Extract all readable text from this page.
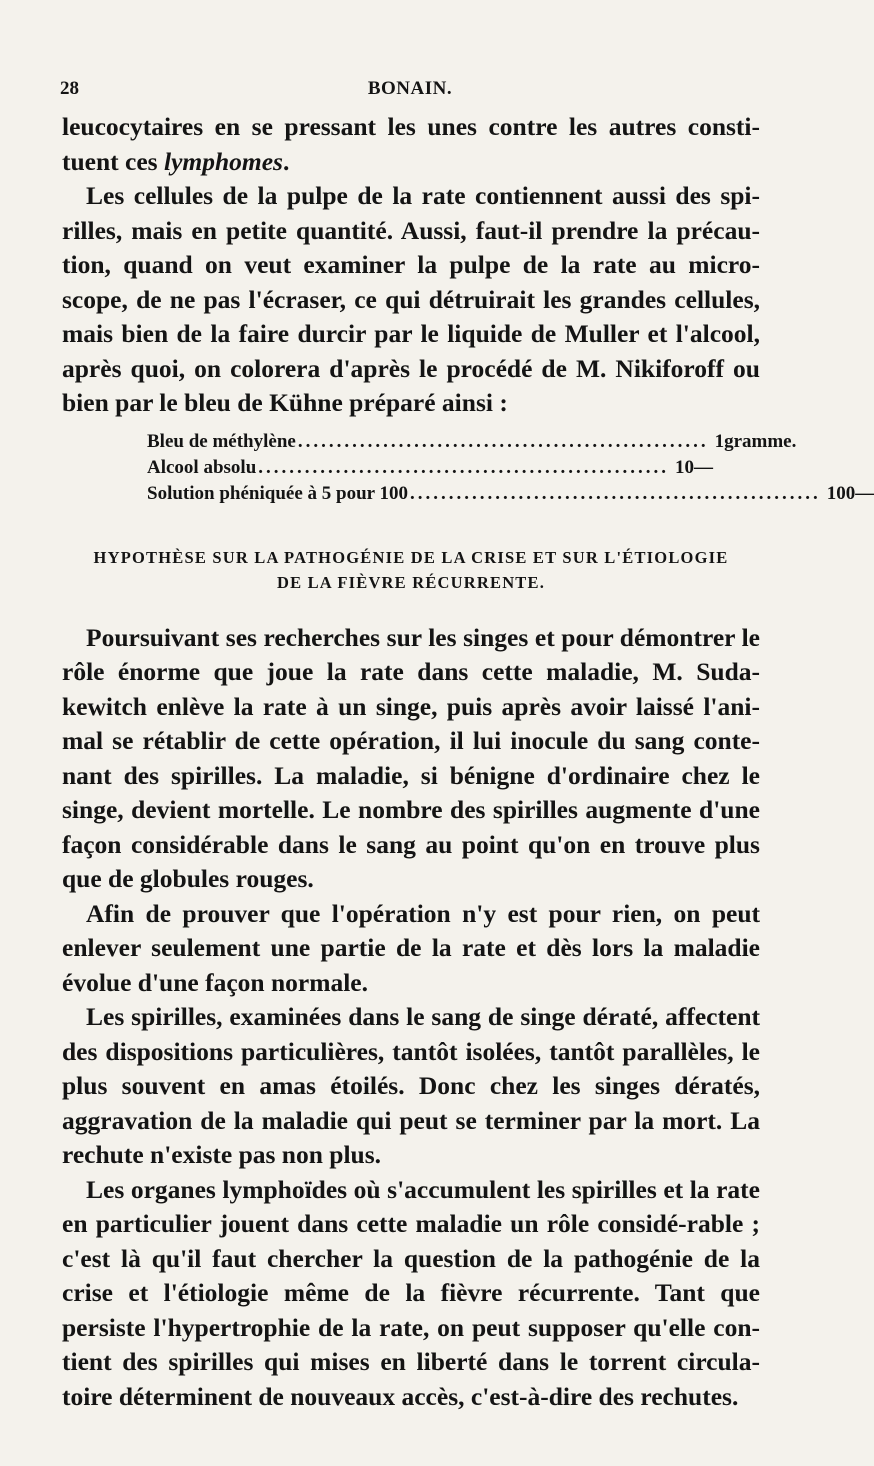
28	BONAIN.

leucocytaires en se pressant les unes contre les autres consti-tuent ces lymphomes.

Les cellules de la pulpe de la rate contiennent aussi des spi-rilles, mais en petite quantité. Aussi, faut-il prendre la précau-tion, quand on veut examiner la pulpe de la rate au micro-scope, de ne pas l'écraser, ce qui détruirait les grandes cellules, mais bien de la faire durcir par le liquide de Muller et l'alcool, après quoi, on colorera d'après le procédé de M. Nikiforoff ou bien par le bleu de Kühne préparé ainsi :

Bleu de méthylène ..................................................... 1 gramme.
Alcool absolu ..................................................... 10 —
Solution phéniquée à 5 pour 100 ..................................................... 100 —
HYPOTHÈSE SUR LA PATHOGÉNIE DE LA CRISE ET SUR L'ÉTIOLOGIE
DE LA FIÈVRE RÉCURRENTE.

Poursuivant ses recherches sur les singes et pour démontrer le rôle énorme que joue la rate dans cette maladie, M. Suda-kewitch enlève la rate à un singe, puis après avoir laissé l'ani-mal se rétablir de cette opération, il lui inocule du sang conte-nant des spirilles. La maladie, si bénigne d'ordinaire chez le singe, devient mortelle. Le nombre des spirilles augmente d'une façon considérable dans le sang au point qu'on en trouve plus que de globules rouges.

Afin de prouver que l'opération n'y est pour rien, on peut enlever seulement une partie de la rate et dès lors la maladie évolue d'une façon normale.

Les spirilles, examinées dans le sang de singe dératé, affectent des dispositions particulières, tantôt isolées, tantôt parallèles, le plus souvent en amas étoilés. Donc chez les singes dératés, aggravation de la maladie qui peut se terminer par la mort. La rechute n'existe pas non plus.

Les organes lymphoïdes où s'accumulent les spirilles et la rate en particulier jouent dans cette maladie un rôle considé-rable ; c'est là qu'il faut chercher la question de la pathogénie de la crise et l'étiologie même de la fièvre récurrente. Tant que persiste l'hypertrophie de la rate, on peut supposer qu'elle con-tient des spirilles qui mises en liberté dans le torrent circula-toire déterminent de nouveaux accès, c'est-à-dire des rechutes.
